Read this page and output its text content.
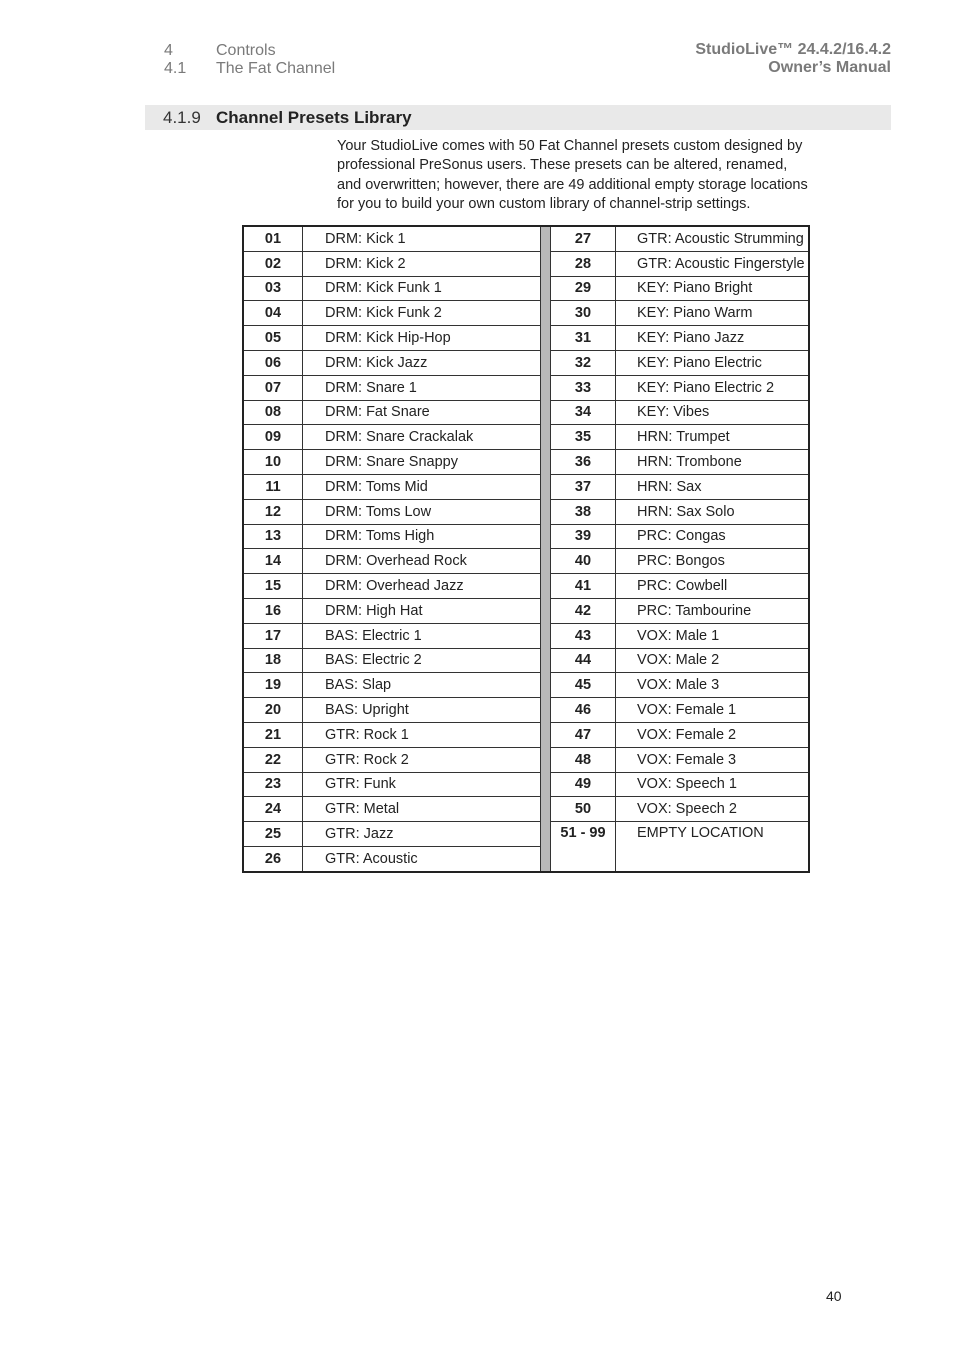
4	Controls
4.1	The Fat Channel
StudioLive™ 24.4.2/16.4.2
Owner’s Manual
4.1.9 Channel Presets Library
Your StudioLive comes with 50 Fat Channel presets custom designed by professional PreSonus users. These presets can be altered, renamed, and overwritten; however, there are 49 additional empty storage locations for you to build your own custom library of channel-strip settings.
01	DRM: Kick 1		27	GTR: Acoustic Strumming
02	DRM: Kick 2		28	GTR: Acoustic Fingerstyle
03	DRM: Kick Funk 1		29	KEY: Piano Bright
04	DRM: Kick Funk 2		30	KEY: Piano Warm
05	DRM: Kick Hip-Hop		31	KEY: Piano Jazz
06	DRM: Kick Jazz		32	KEY: Piano Electric
07	DRM: Snare 1		33	KEY: Piano Electric 2
08	DRM: Fat Snare		34	KEY: Vibes
09	DRM: Snare Crackalak		35	HRN: Trumpet
10	DRM: Snare Snappy		36	HRN: Trombone
11	DRM: Toms Mid		37	HRN: Sax
12	DRM: Toms Low		38	HRN: Sax Solo
13	DRM: Toms High		39	PRC: Congas
14	DRM: Overhead Rock		40	PRC: Bongos
15	DRM: Overhead Jazz		41	PRC: Cowbell
16	DRM: High Hat		42	PRC: Tambourine
17	BAS: Electric 1		43	VOX: Male 1
18	BAS: Electric 2		44	VOX: Male 2
19	BAS: Slap		45	VOX: Male 3
20	BAS: Upright		46	VOX: Female 1
21	GTR: Rock 1		47	VOX: Female 2
22	GTR: Rock 2		48	VOX: Female 3
23	GTR: Funk		49	VOX: Speech 1
24	GTR: Metal		50	VOX: Speech 2
25	GTR: Jazz		51 - 99	EMPTY LOCATION
26	GTR: Acoustic			
40
